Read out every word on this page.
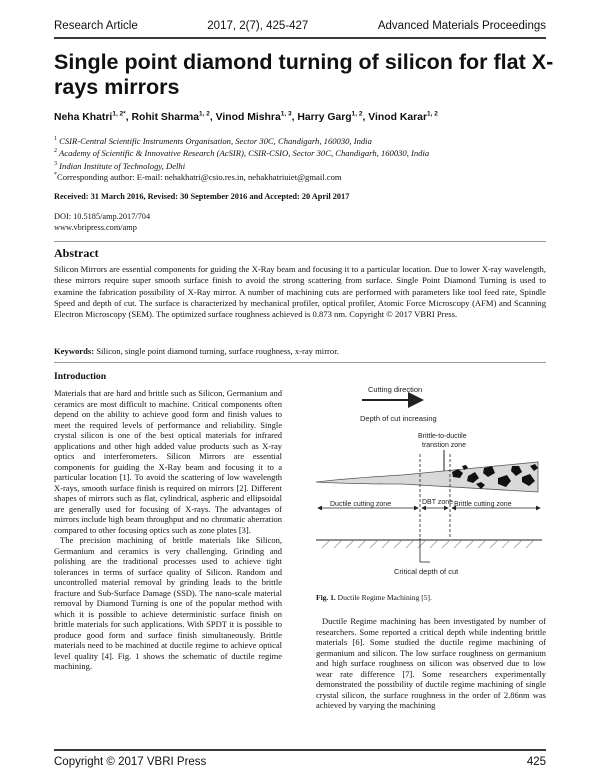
Research Article	2017, 2(7), 425-427	Advanced Materials Proceedings
Single point diamond turning of silicon for flat X-rays mirrors
Neha Khatri$^{1, 2*}$, Rohit Sharma$^{1, 2}$, Vinod Mishra$^{1, 3}$, Harry Garg$^{1, 2}$, Vinod Karar$^{1, 2}$
$^1$ CSIR-Central Scientific Instruments Organisation, Sector 30C, Chandigarh, 160030, India
$^2$ Academy of Scientific & Innovative Research (AcSIR), CSIR-CSIO, Sector 30C, Chandigarh, 160030, India
$^3$ Indian Institute of Technology, Delhi
*Corresponding author: E-mail: nehakhatri@csio.res.in, nehakhatriuiet@gmail.com
Received: 31 March 2016, Revised: 30 September 2016 and Accepted: 20 April 2017
DOI: 10.5185/amp.2017/704
www.vbripress.com/amp
Abstract

Silicon Mirrors are essential components for guiding the X-Ray beam and focusing it to a particular location. Due to lower X-ray wavelength, these mirrors require super smooth surface finish to avoid the strong scattering from surface. Single Point Diamond Turning is used to examine the fabrication possibility of X-Ray mirror. A number of machining cuts are performed with parameters like tool feed rate, Spindle Speed and depth of cut. The surface is characterized by mechanical profiler, optical profiler, Atomic Force Microscopy (AFM) and Scanning Electron Microscopy (SEM). The optimized surface roughness achieved is 0.873 nm. Copyright © 2017 VBRI Press.

Keywords: Silicon, single point diamond turning, surface roughness, x-ray mirror.
Introduction

Materials that are hard and brittle such as Silicon, Germanium and ceramics are most difficult to machine. Critical components often depend on the ability to achieve good form and finish values to meet the required levels of performance and reliability. Single crystal silicon is one of the best optical materials for infrared applications and other high added value products such as X-ray optics and interferometers. Silicon Mirrors are essential components for guiding the X-Ray beam and focusing it to a particular location [1]. To avoid the scattering of low wavelength X-rays, smooth surface finish is required on mirrors [2]. Different shapes of mirrors such as flat, cylindrical, aspheric and ellipsoidal are generally used for focusing of X-rays. The advantages of mirrors include high beam throughput and no chromatic aberration compared to other focusing optics such as zone plates [3].

The precision machining of brittle materials like Silicon, Germanium and ceramics is very challenging. Grinding and polishing are the traditional processes used to achieve tight tolerances in terms of surface quality of Silicon. Random and uncontrolled material removal by grinding leads to the brittle fracture and Sub-Surface Damage (SSD). The nano-scale material removal by Diamond Turning is one of the popular method with which it is possible to achieve deterministic surface finish on brittle materials for such applications. With SPDT it is possible to produce good form and surface finish simultaneously. Brittle materials need to be machined at ductile regime to achieve optical level quality [4]. Fig. 1 shows the schematic of ductile regime machining.

Cutting direction
Depth of cut increasing
Brittle-to-ductile
transtion zone
Ductile cutting zone	DBT zone Brittle cutting zone
Critical depth of cut
Fig. 1. Ductile Regime Machining [5].

Ductile Regime machining has been investigated by number of researchers. Some reported a critical depth while indenting brittle materials [6]. Some studied the ductile regime machining of germanium and silicon. The low surface roughness on germanium and high surface roughness on silicon was observed due to low wear rate difference [7]. Some researchers experimentally demonstrated the possibility of ductile regime machining of single crystal silicon, the surface roughness in the order of 2.86nm was achieved by varying the machining

Copyright © 2017 VBRI Press	425
